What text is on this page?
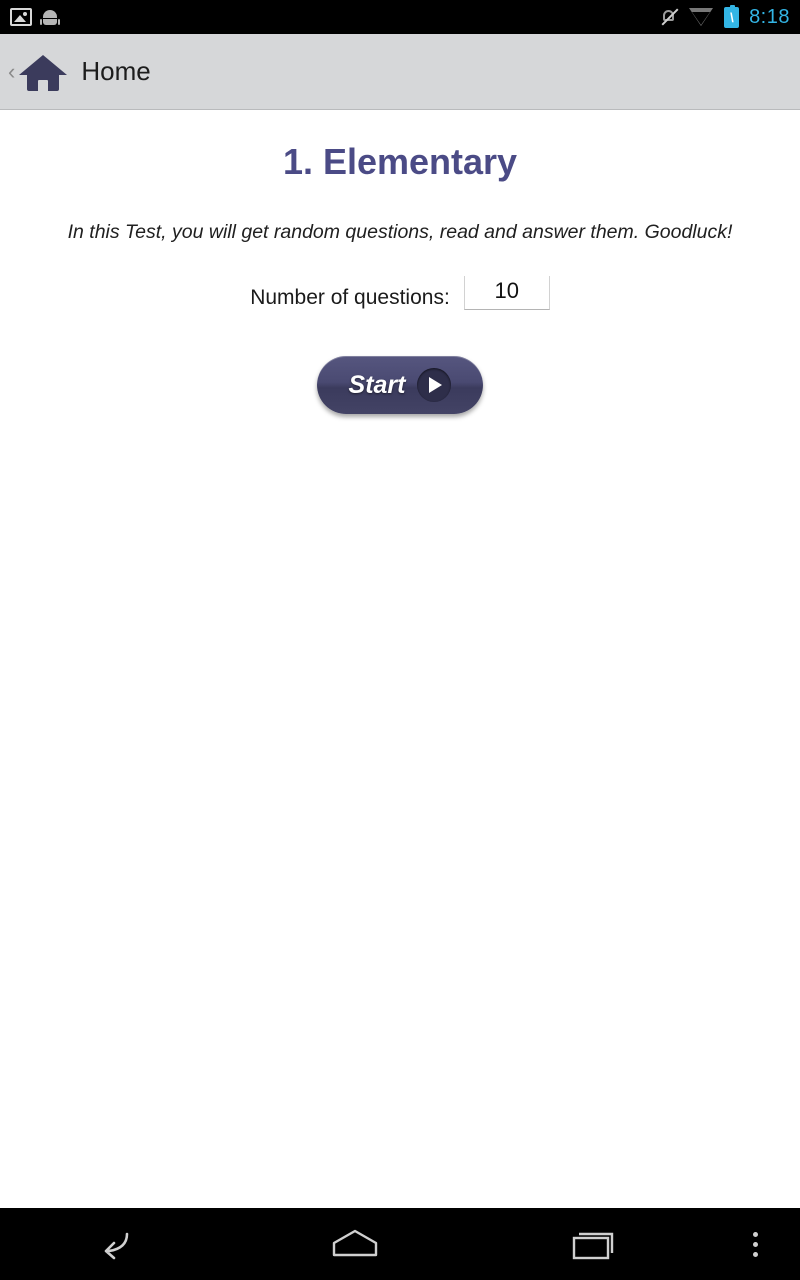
\ 8:18
‹	Home
1. Elementary
In this Test, you will get random questions, read and answer them. Goodluck!
Number of questions:
10
Start
